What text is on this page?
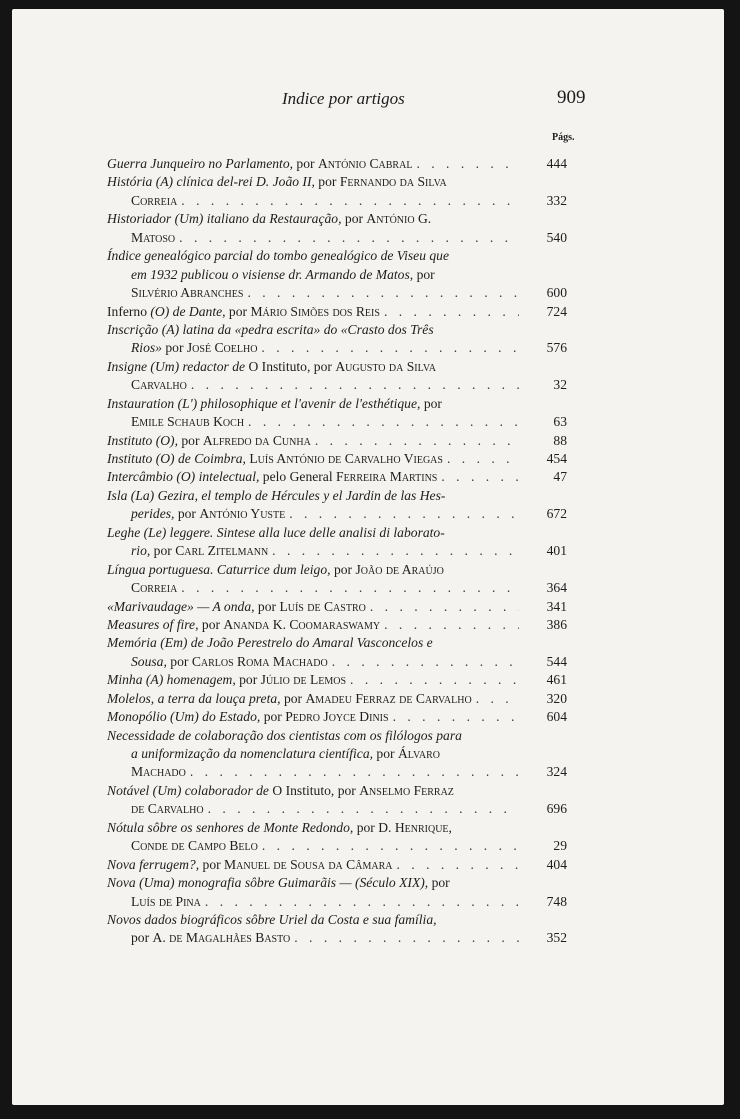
Indice por artigos	909
Págs.
Guerra Junqueiro no Parlamento, por António Cabral . . .	444
História (A) clínica del-rei D. João II, por Fernando da Silva
Correia . . .	332
Historiador (Um) italiano da Restauração, por António G.
Matoso . . .	540
Índice genealógico parcial do tombo genealógico de Viseu que
em 1932 publicou o visiense dr. Armando de Matos, por
Silvério Abranches . . .	600
Inferno (O) de Dante, por Mário Simões dos Reis . . .	724
Inscrição (A) latina da «pedra escrita» do «Crasto dos Três
Rios» por José Coelho . . .	576
Insigne (Um) redactor de O Instituto, por Augusto da Silva
Carvalho . . .	32
Instauration (L') philosophique et l'avenir de l'esthétique, por
Emile Schaub Koch . . .	63
Instituto (O), por Alfredo da Cunha . . .	88
Instituto (O) de Coimbra, Luís António de Carvalho Viegas . . .	454
Intercâmbio (O) intelectual, pelo General Ferreira Martins . . .	47
Isla (La) Gezira, el templo de Hércules y el Jardin de las Hes-
perides, por António Yuste . . .	672
Leghe (Le) leggere. Sintese alla luce delle analisi di laborato-
rio, por Carl Zitelmann . . .	401
Língua portuguesa. Caturrice dum leigo, por João de Araújo
Correia . . .	364
«Marivaudage» — A onda, por Luís de Castro . . .	341
Measures of fire, por Ananda K. Coomaraswamy . . .	386
Memória (Em) de João Perestrelo do Amaral Vasconcelos e
Sousa, por Carlos Roma Machado . . .	544
Minha (A) homenagem, por Júlio de Lemos . . .	461
Molelos, a terra da louça preta, por Amadeu Ferraz de Carvalho . . .	320
Monopólio (Um) do Estado, por Pedro Joyce Dinis . . .	604
Necessidade de colaboração dos cientistas com os filólogos para
a uniformização da nomenclatura científica, por Álvaro
Machado . . .	324
Notável (Um) colaborador de O Instituto, por Anselmo Ferraz
de Carvalho . . .	696
Nótula sôbre os senhores de Monte Redondo, por D. Henrique,
Conde de Campo Belo . . .	29
Nova ferrugem?, por Manuel de Sousa da Câmara . . .	404
Nova (Uma) monografia sôbre Guimarãis — (Século XIX), por
Luís de Pina . . .	748
Novos dados biográficos sôbre Uriel da Costa e sua família,
por A. de Magalhães Basto . . .	352
